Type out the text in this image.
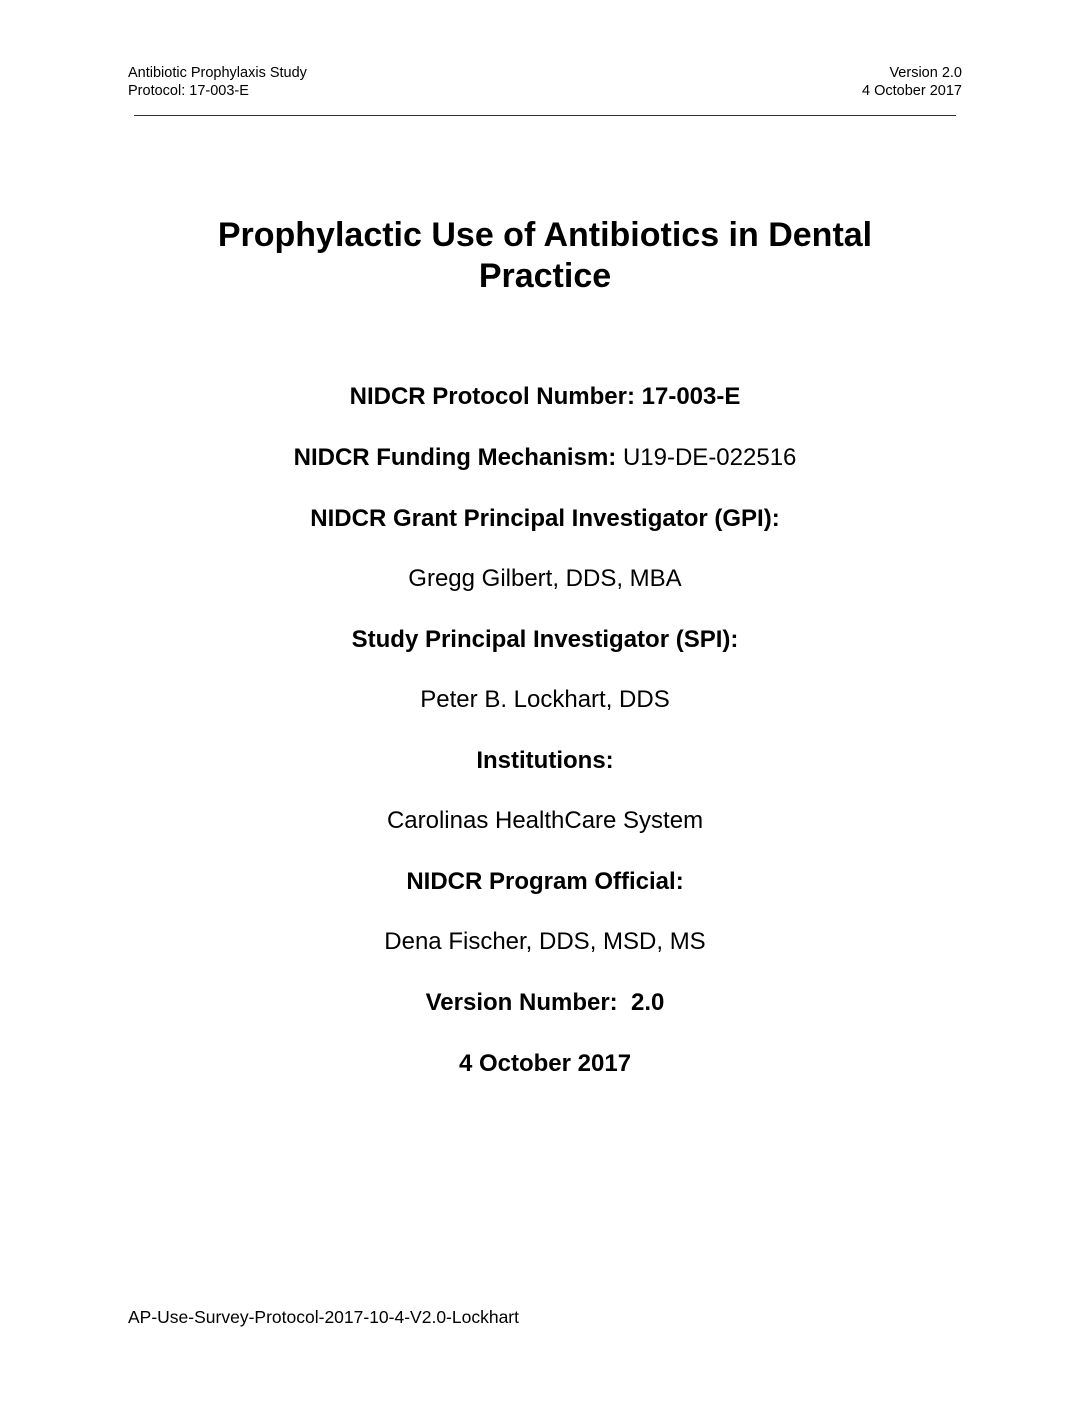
Antibiotic Prophylaxis Study	Version 2.0
Protocol: 17-003-E	4 October 2017
Prophylactic Use of Antibiotics in Dental
Practice
NIDCR Protocol Number: 17-003-E
NIDCR Funding Mechanism: U19-DE-022516
NIDCR Grant Principal Investigator (GPI):
Gregg Gilbert, DDS, MBA
Study Principal Investigator (SPI):
Peter B. Lockhart, DDS
Institutions:
Carolinas HealthCare System
NIDCR Program Official:
Dena Fischer, DDS, MSD, MS
Version Number:  2.0
4 October 2017
AP-Use-Survey-Protocol-2017-10-4-V2.0-Lockhart
